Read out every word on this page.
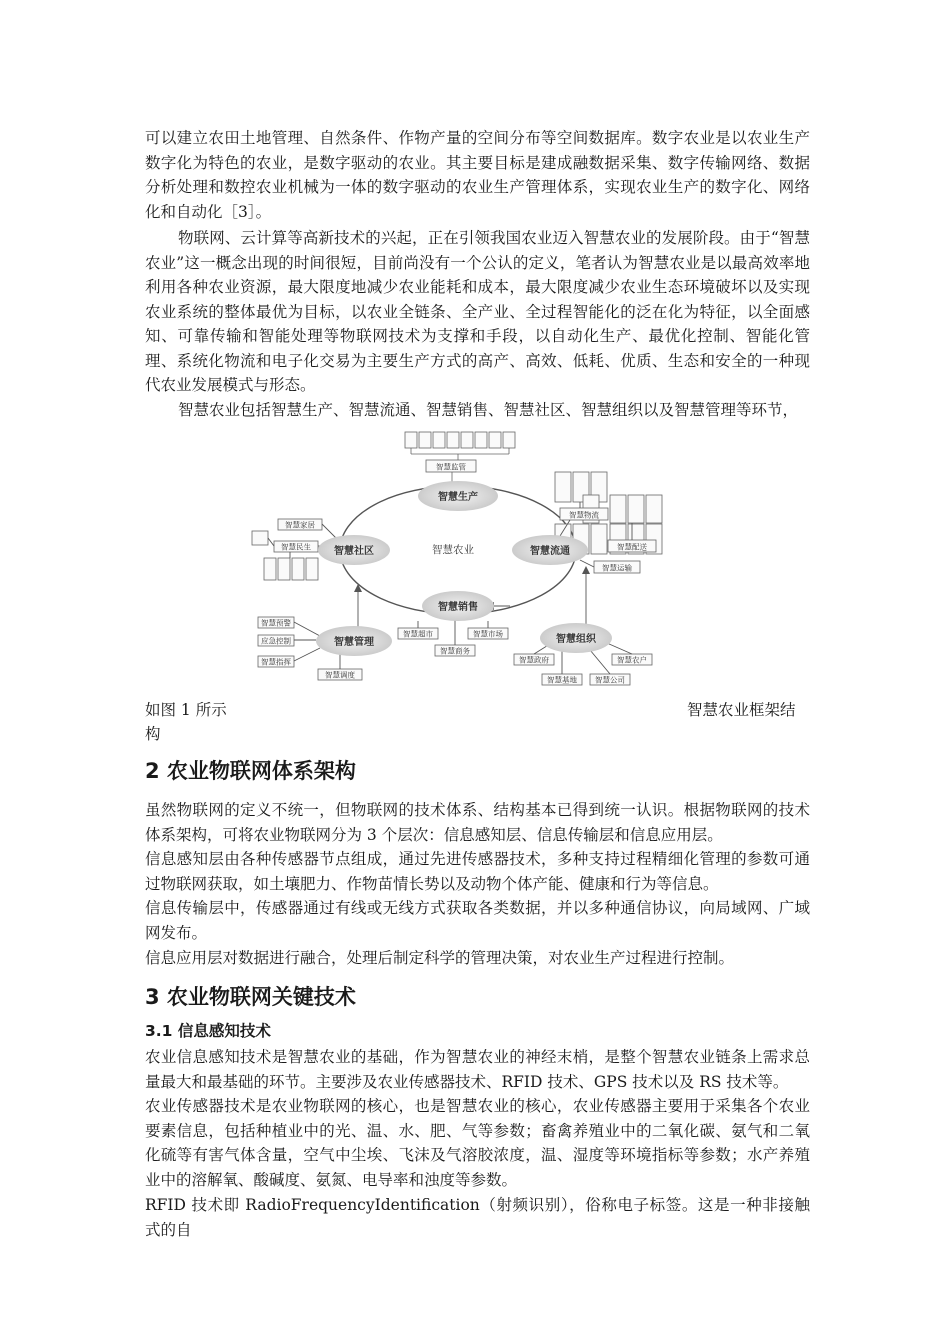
可以建立农田土地管理、自然条件、作物产量的空间分布等空间数据库。数字农业是以农业生产数字化为特色的农业，是数字驱动的农业。其主要目标是建成融数据采集、数字传输网络、数据分析处理和数控农业机械为一体的数字驱动的农业生产管理体系，实现农业生产的数字化、网络化和自动化［3］。

物联网、云计算等高新技术的兴起，正在引领我国农业迈入智慧农业的发展阶段。由于“智慧农业”这一概念出现的时间很短，目前尚没有一个公认的定义，笔者认为智慧农业是以最高效率地利用各种农业资源，最大限度地减少农业能耗和成本，最大限度减少农业生态环境破坏以及实现农业系统的整体最优为目标，以农业全链条、全产业、全过程智能化的泛在化为特征，以全面感知、可靠传输和智能处理等物联网技术为支撑和手段，以自动化生产、最优化控制、智能化管理、系统化物流和电子化交易为主要生产方式的高产、高效、低耗、优质、生态和安全的一种现代农业发展模式与形态。

智慧农业包括智慧生产、智慧流通、智慧销售、智慧社区、智慧组织以及智慧管理等环节，

智慧监管
智慧物流
智慧配送
智慧运输
智慧家居
智慧民生
智慧超市
智慧商务
智慧市场
智慧预警
应急控制
智慧指挥
智慧调度
智慧政府
智慧基地 智慧公司
智慧农户
智慧生产
智慧流通
智慧社区
智慧销售
智慧管理	智慧组织
智慧农业
如图 1 所示	智慧农业框架结
构
2 农业物联网体系架构

虽然物联网的定义不统一，但物联网的技术体系、结构基本已得到统一认识。根据物联网的技术体系架构，可将农业物联网分为 3 个层次：信息感知层、信息传输层和信息应用层。

信息感知层由各种传感器节点组成，通过先进传感器技术，多种支持过程精细化管理的参数可通过物联网获取，如土壤肥力、作物苗情长势以及动物个体产能、健康和行为等信息。

信息传输层中，传感器通过有线或无线方式获取各类数据，并以多种通信协议，向局域网、广域网发布。

信息应用层对数据进行融合，处理后制定科学的管理决策，对农业生产过程进行控制。

3 农业物联网关键技术
3.1 信息感知技术

农业信息感知技术是智慧农业的基础，作为智慧农业的神经末梢，是整个智慧农业链条上需求总量最大和最基础的环节。主要涉及农业传感器技术、RFID 技术、GPS 技术以及 RS 技术等。

农业传感器技术是农业物联网的核心，也是智慧农业的核心，农业传感器主要用于采集各个农业要素信息，包括种植业中的光、温、水、肥、气等参数；畜禽养殖业中的二氧化碳、氨气和二氧化硫等有害气体含量，空气中尘埃、飞沫及气溶胶浓度，温、湿度等环境指标等参数；水产养殖业中的溶解氧、酸碱度、氨氮、电导率和浊度等参数。

RFID 技术即 RadioFrequencyIdentification（射频识别），俗称电子标签。这是一种非接触式的自
